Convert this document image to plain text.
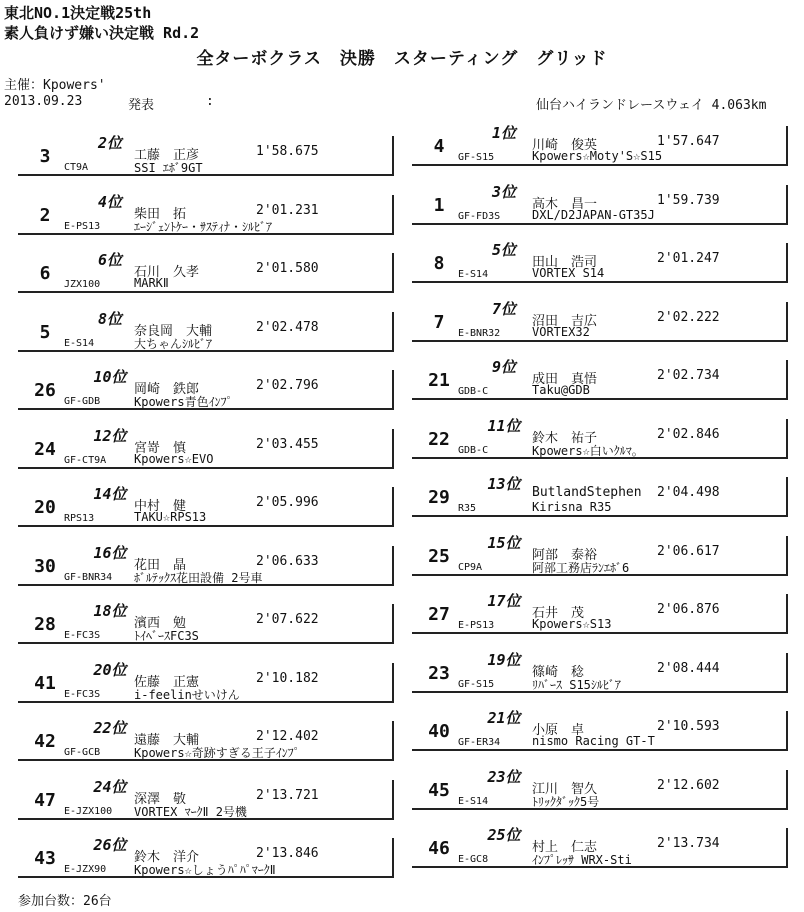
東北NO.1決定戦25th
素人負けず嫌い決定戦 Rd.2
全ターボクラス　決勝　スターティング　グリッド
主催：Kpowers'
2013.09.23	発表	:	仙台ハイランドレースウェイ 4.063km
3
CT9A
2位
工藤　正彦	1'58.675
SSI ｴﾎﾞ9GT
2
E-PS13
4位
柴田　拓	2'01.231
ｴｰｼﾞｪﾝﾄｹｰ・ｻｽﾃｨﾅ・ｼﾙﾋﾞｱ
6
JZX100
6位
石川　久孝	2'01.580
MARKⅡ
5
E-S14
8位
奈良岡　大輔	2'02.478
大ちゃんｼﾙﾋﾞｱ
26
GF-GDB
10位
岡崎　鉄郎	2'02.796
Kpowers青色ｲﾝﾌﾟ
24
GF-CT9A
12位
宮嵜　慎	2'03.455
Kpowers☆EVO
20
RPS13
14位
中村　健	2'05.996
TAKU☆RPS13
30
GF-BNR34
16位
花田　晶	2'06.633
ﾎﾞﾙﾃｯｸｽ花田設備 2号車
28
E-FC3S
18位
濱西　勉	2'07.622
ﾄｲﾍﾞｰｽFC3S
41
E-FC3S
20位
佐藤　正憲	2'10.182
i-feelinせいけん
42
GF-GCB
22位
遠藤　大輔	2'12.402
Kpowers☆奇跡すぎる王子ｲﾝﾌﾟ
47
E-JZX100
24位
深澤　敬	2'13.721
VORTEX ﾏｰｸⅡ 2号機
43
E-JZX90
26位
鈴木　洋介	2'13.846
Kpowers☆しょうﾊﾟﾊﾟﾏｰｸⅡ
4
GF-S15
1位
川崎　俊英	1'57.647
Kpowers☆Moty'S☆S15
1
GF-FD3S
3位
高木　昌一	1'59.739
DXL/D2JAPAN-GT35J
8
E-S14
5位
田山　浩司	2'01.247
VORTEX S14
7
E-BNR32
7位
沼田　吉広	2'02.222
VORTEX32
21
GDB-C
9位
成田　真悟	2'02.734
Taku@GDB
22
GDB-C
11位
鈴木　祐子	2'02.846
Kpowers☆白いｸﾙﾏ。
29
R35
13位 ButlandStephen 2'04.498
Kirisna R35
25
CP9A
15位
阿部　泰裕	2'06.617
阿部工務店ﾗﾝｴﾎﾞ6
27
E-PS13
17位
石井　茂	2'06.876
Kpowers☆S13
23
GF-S15
19位
篠崎　稔	2'08.444
ﾘﾊﾞｰｽ S15ｼﾙﾋﾞｱ
40
GF-ER34
21位
小原　卓	2'10.593
nismo Racing GT-T
45
E-S14
23位
江川　智久	2'12.602
ﾄﾘｯｸﾀﾞｯｸ5号
46
E-GC8
25位
村上　仁志	2'13.734
ｲﾝﾌﾟﾚｯｻ WRX-Sti
参加台数：26台
